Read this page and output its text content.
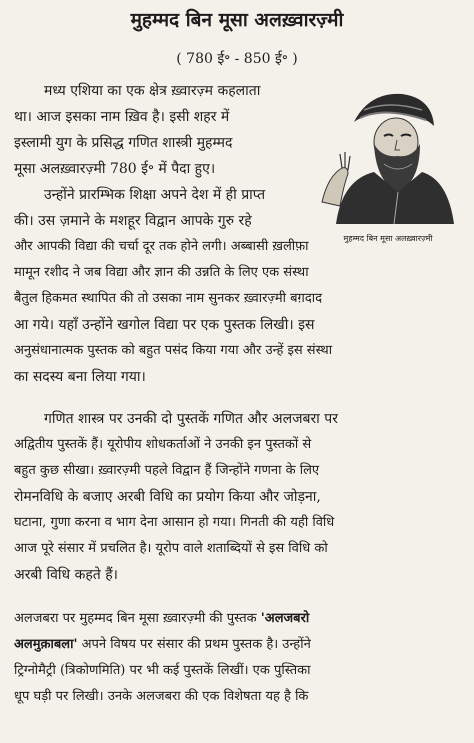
मुहम्मद बिन मूसा अलख़्वारज़्मी
( 780 ई॰ - 850 ई॰ )
मुहम्मद बिन मूसा अलख़्वारज़्मी
मध्य एशिया का एक क्षेत्र ख़्वारज़्म कहलाता
था। आज इसका नाम ख़िव है। इसी शहर में
इस्लामी युग के प्रसिद्ध गणित शास्त्री मुहम्मद
मूसा अलख़्वारज़्मी 780 ई॰ में पैदा हुए।
उन्होंने प्रारम्भिक शिक्षा अपने देश में ही प्राप्त
की। उस ज़माने के मशहूर विद्वान आपके गुरु रहे
और आपकी विद्या की चर्चा दूर तक होने लगी। अब्बासी ख़लीफ़ा
मामून रशीद ने जब विद्या और ज्ञान की उन्नति के लिए एक संस्था
बैतुल हिकमत स्थापित की तो उसका नाम सुनकर ख़्वारज़्मी बग़दाद
आ गये। यहाँ उन्होंने खगोल विद्या पर एक पुस्तक लिखी। इस
अनुसंधानात्मक पुस्तक को बहुत पसंद किया गया और उन्हें इस संस्था
का सदस्य बना लिया गया।
गणित शास्त्र पर उनकी दो पुस्तकें गणित और अलजबरा पर
अद्वितीय पुस्तकें हैं। यूरोपीय शोधकर्ताओं ने उनकी इन पुस्तकों से
बहुत कुछ सीखा। ख़्वारज़्मी पहले विद्वान हैं जिन्होंने गणना के लिए
रोमनविधि के बजाए अरबी विधि का प्रयोग किया और जोड़ना,
घटाना, गुणा करना व भाग देना आसान हो गया। गिनती की यही विधि
आज पूरे संसार में प्रचलित है। यूरोप वाले शताब्दियों से इस विधि को
अरबी विधि कहते हैं।
अलजबरा पर मुहम्मद बिन मूसा ख़्वारज़्मी की पुस्तक 'अलजबरो
अलमुक़ाबला' अपने विषय पर संसार की प्रथम पुस्तक है। उन्होंने
ट्रिग्नोमैट्री (त्रिकोणमिति) पर भी कई पुस्तकें लिखीं। एक पुस्तिका
धूप घड़ी पर लिखी। उनके अलजबरा की एक विशेषता यह है कि
